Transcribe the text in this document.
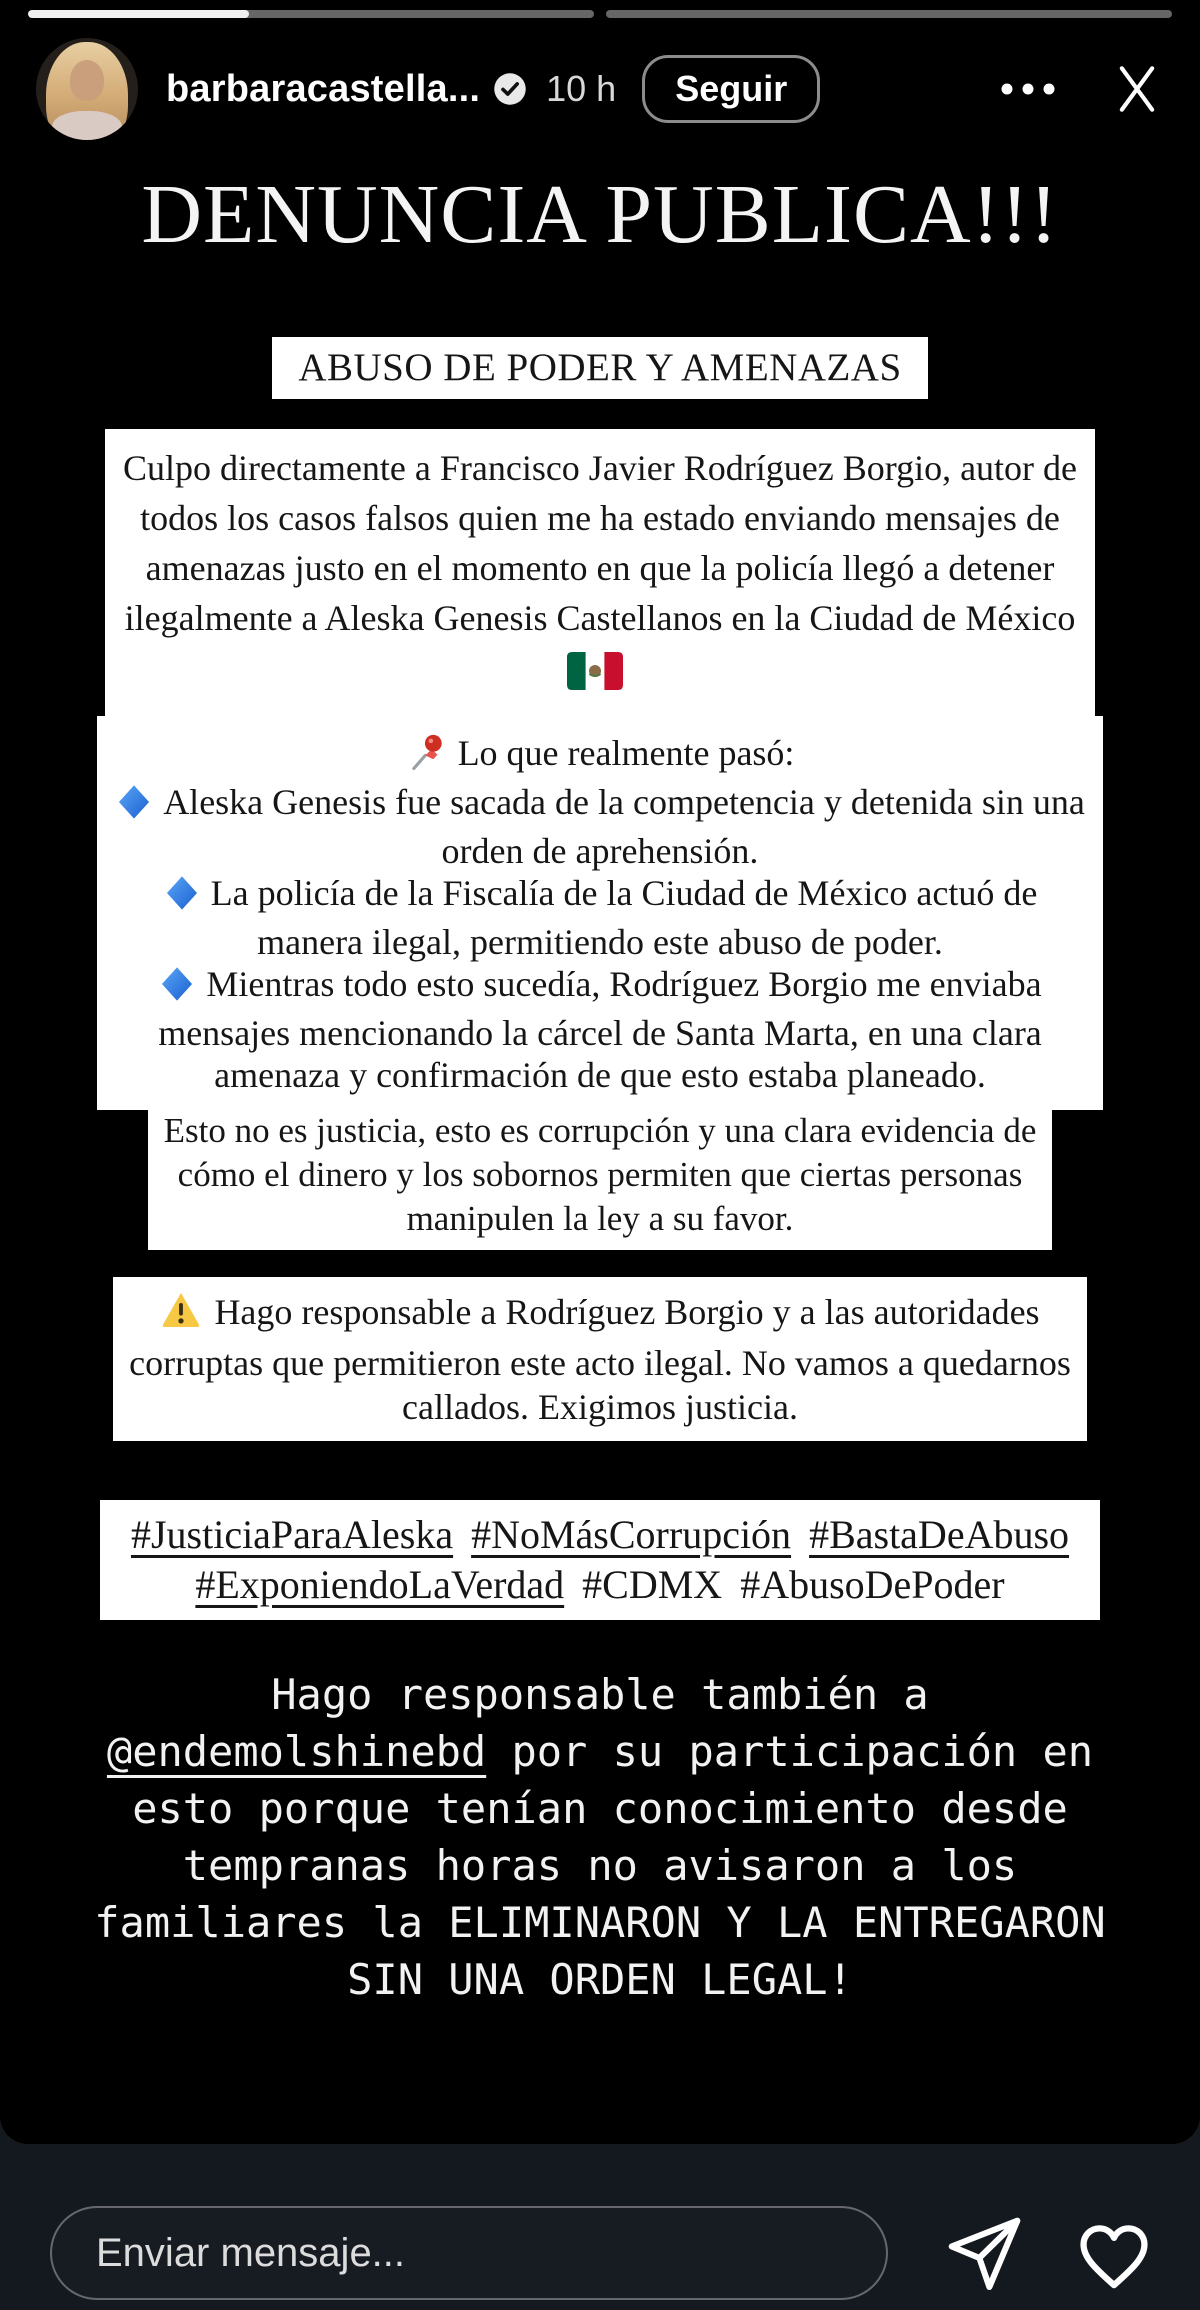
barbaracastella... 10 h	Seguir
DENUNCIA PUBLICA!!!
ABUSO DE PODER Y AMENAZAS
Culpo directamente a Francisco Javier Rodríguez Borgio, autor de
todos los casos falsos quien me ha estado enviando mensajes de
amenazas justo en el momento en que la policía llegó a detener
ilegalmente a Aleska Genesis Castellanos en la Ciudad de México
Lo que realmente pasó:
Aleska Genesis fue sacada de la competencia y detenida sin una
orden de aprehensión.
La policía de la Fiscalía de la Ciudad de México actuó de
manera ilegal, permitiendo este abuso de poder.
Mientras todo esto sucedía, Rodríguez Borgio me enviaba
mensajes mencionando la cárcel de Santa Marta, en una clara
amenaza y confirmación de que esto estaba planeado.
Esto no es justicia, esto es corrupción y una clara evidencia de
cómo el dinero y los sobornos permiten que ciertas personas
manipulen la ley a su favor.
Hago responsable a Rodríguez Borgio y a las autoridades
corruptas que permitieron este acto ilegal. No vamos a quedarnos
callados. Exigimos justicia.
#JusticiaParaAleska #NoMásCorrupción #BastaDeAbuso
#ExponiendoLaVerdad #CDMX #AbusoDePoder
Hago responsable también a
@endemolshinebd por su participación en
esto porque tenían conocimiento desde
tempranas horas no avisaron a los
familiares la ELIMINARON Y LA ENTREGARON
SIN UNA ORDEN LEGAL!
Enviar mensaje...
